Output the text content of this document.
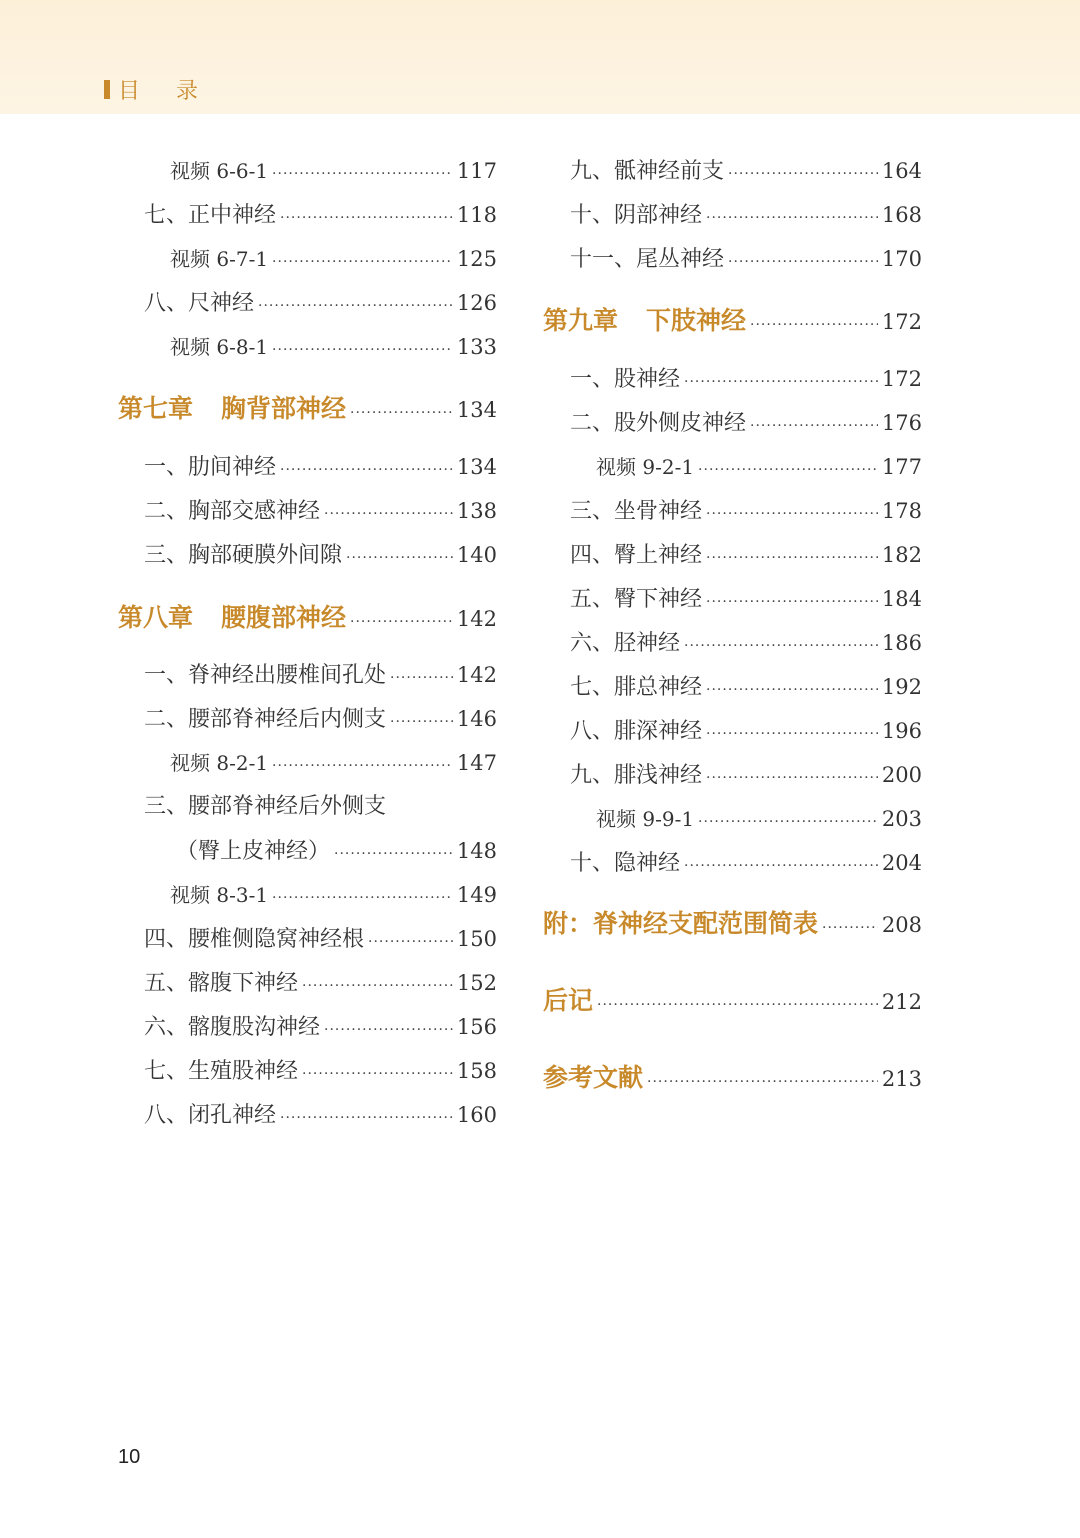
目录
视频 6-6-1 ·····	117
七、正中神经 ·····	118
视频 6-7-1 ·····	125
八、尺神经 ·····	126
视频 6-8-1 ·····	133
第七章 胸背部神经 ·····	134
一、肋间神经 ·····	134
二、胸部交感神经 ·····	138
三、胸部硬膜外间隙 ·····	140
第八章 腰腹部神经 ·····	142
一、脊神经出腰椎间孔处 ·····	142
二、腰部脊神经后内侧支 ·····	146
视频 8-2-1 ·····	147
三、腰部脊神经后外侧支
（臀上皮神经） ·····	148
视频 8-3-1 ·····	149
四、腰椎侧隐窝神经根 ·····	150
五、髂腹下神经 ·····	152
六、髂腹股沟神经 ·····	156
七、生殖股神经 ·····	158
八、闭孔神经 ·····	160
九、骶神经前支 ·····	164
十、阴部神经 ·····	168
十一、尾丛神经 ·····	170
第九章 下肢神经 ·····	172
一、股神经 ·····	172
二、股外侧皮神经 ·····	176
视频 9-2-1 ·····	177
三、坐骨神经 ·····	178
四、臀上神经 ·····	182
五、臀下神经 ·····	184
六、胫神经 ·····	186
七、腓总神经 ·····	192
八、腓深神经 ·····	196
九、腓浅神经 ·····	200
视频 9-9-1 ·····	203
十、隐神经 ·····	204
附：脊神经支配范围简表 ·····	208
后记 ·····	212
参考文献 ·····	213
10
